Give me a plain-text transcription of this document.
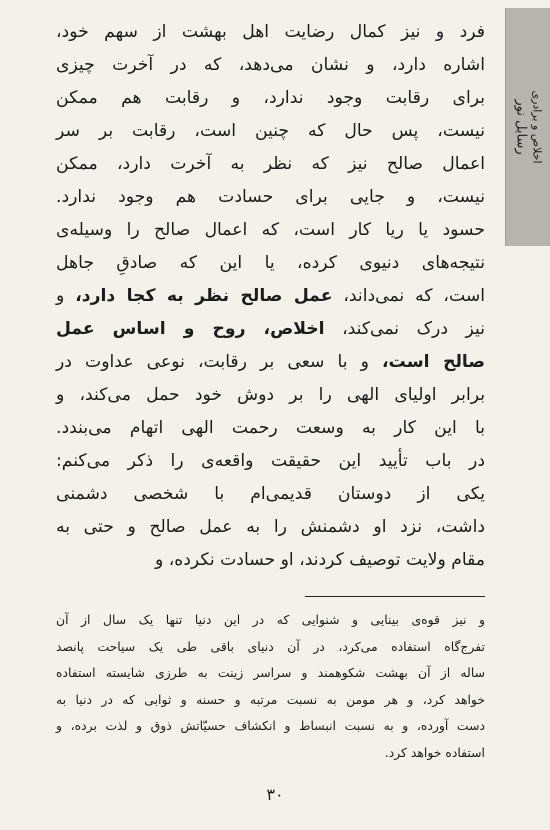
رسایل نور اخلاص و برادری
فرد و نیز کمال رضایت اهل بهشت از سهم خود،
اشاره دارد، و نشان می‌دهد، که در آخرت چیزی
برای رقابت وجود ندارد، و رقابت هم ممکن
نیست، پس حال که چنین است، رقابت بر سر
اعمال صالح نیز که نظر به آخرت دارد، ممکن
نیست، و جایی برای حسادت هم وجود ندارد.
حسود یا ریا کار است، که اعمال صالح را وسیله‌ی
نتیجه‌های دنیوی کرده، یا این که صادقِ جاهل
است، که نمی‌داند، عمل صالح نظر به کجا دارد، و
نیز درک نمی‌کند، اخلاص، روح و اساس عمل
صالح است، و با سعی بر رقابت، نوعی عداوت در
برابر اولیای الهی را بر دوش خود حمل می‌کند، و
با این کار به وسعت رحمت الهی اتهام می‌بندد.
در باب تأیید این حقیقت واقعه‌ی را ذکر می‌کنم:
یکی از دوستان قدیمی‌ام با شخصی دشمنی
داشت، نزد او دشمنش را به عمل صالح و حتی به
مقام ولایت توصیف کردند، او حسادت نکرده، و
و نیز قوه‌ی بینایی و شنوایی که در این دنیا تنها یک سال از آن
تفرج‌گاه استفاده می‌کرد، در آن دنیای باقی طی یک سیاحت پانصد
ساله از آن بهشت شکوهمند و سراسر زینت به طرزی شایسته استفاده
خواهد کرد، و هر مومن به نسبت مرتبه و حسنه و ثوابی که در دنیا به
دست آورده، و به نسبت انبساط و انکشاف حسیّاتش ذوق و لذت برده، و
استفاده خواهد کرد.
۳۰
